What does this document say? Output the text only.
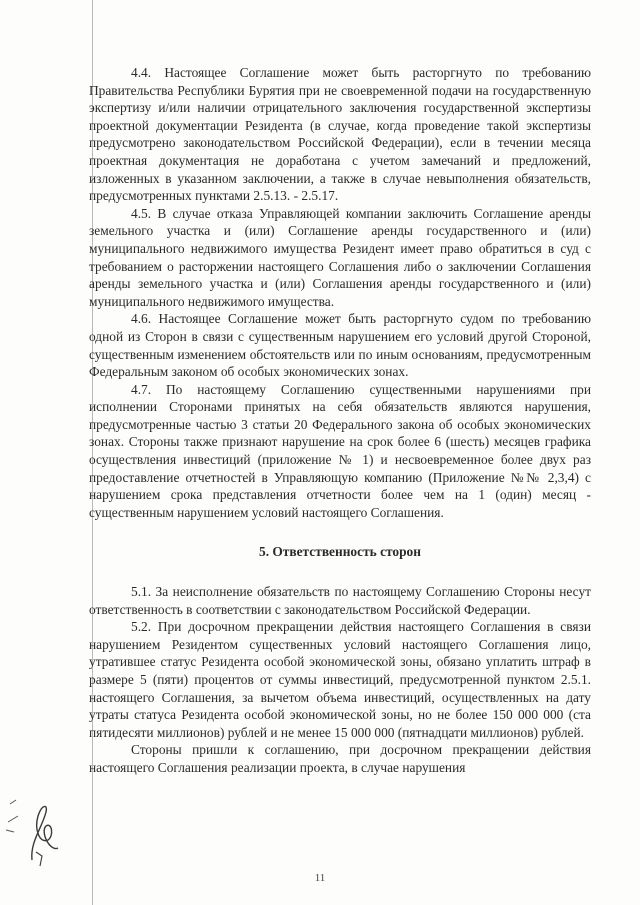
4.4. Настоящее Соглашение может быть расторгнуто по требованию Правительства Республики Бурятия при не своевременной подачи на государственную экспертизу и/или наличии отрицательного заключения государственной экспертизы проектной документации Резидента (в случае, когда проведение такой экспертизы предусмотрено законодательством Российской Федерации), если в течении месяца проектная документация не доработана с учетом замечаний и предложений, изложенных в указанном заключении, а также в случае невыполнения обязательств, предусмотренных пунктами 2.5.13. - 2.5.17.

4.5. В случае отказа Управляющей компании заключить Соглашение аренды земельного участка и (или) Соглашение аренды государственного и (или) муниципального недвижимого имущества Резидент имеет право обратиться в суд с требованием о расторжении настоящего Соглашения либо о заключении Соглашения аренды земельного участка и (или) Соглашения аренды государственного и (или) муниципального недвижимого имущества.

4.6. Настоящее Соглашение может быть расторгнуто судом по требованию одной из Сторон в связи с существенным нарушением его условий другой Стороной, существенным изменением обстоятельств или по иным основаниям, предусмотренным Федеральным законом об особых экономических зонах.

4.7. По настоящему Соглашению существенными нарушениями при исполнении Сторонами принятых на себя обязательств являются нарушения, предусмотренные частью 3 статьи 20 Федерального закона об особых экономических зонах. Стороны также признают нарушение на срок более 6 (шесть) месяцев графика осуществления инвестиций (приложение № 1) и несвоевременное более двух раз предоставление отчетностей в Управляющую компанию (Приложение №№ 2,3,4) с нарушением срока представления отчетности более чем на 1 (один) месяц - существенным нарушением условий настоящего Соглашения.

5. Ответственность сторон

5.1. За неисполнение обязательств по настоящему Соглашению Стороны несут ответственность в соответствии с законодательством Российской Федерации.

5.2. При досрочном прекращении действия настоящего Соглашения в связи нарушением Резидентом существенных условий настоящего Соглашения лицо, утратившее статус Резидента особой экономической зоны, обязано уплатить штраф в размере 5 (пяти) процентов от суммы инвестиций, предусмотренной пунктом 2.5.1. настоящего Соглашения, за вычетом объема инвестиций, осуществленных на дату утраты статуса Резидента особой экономической зоны, но не более 150 000 000 (ста пятидесяти миллионов) рублей и не менее 15 000 000 (пятнадцати миллионов) рублей.

Стороны пришли к соглашению, при досрочном прекращении действия настоящего Соглашения реализации проекта, в случае нарушения

11
